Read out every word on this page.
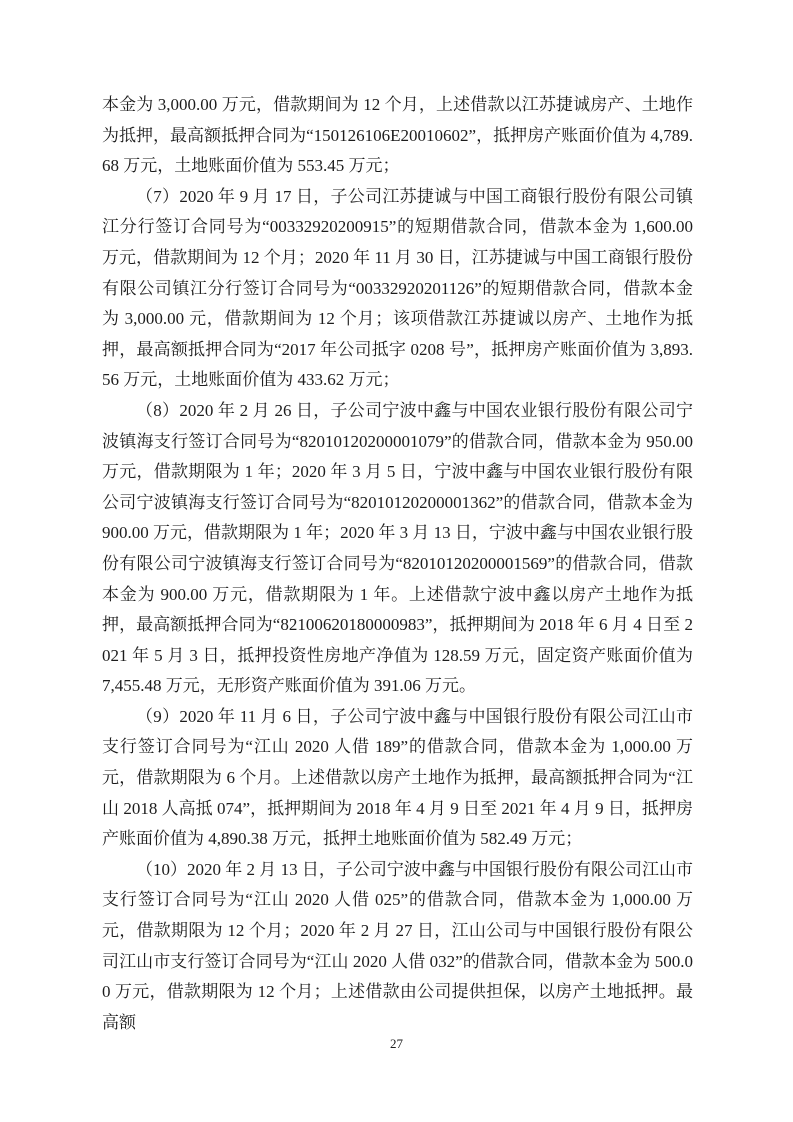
本金为 3,000.00 万元，借款期间为 12 个月，上述借款以江苏捷诚房产、土地作为抵押，最高额抵押合同为“150126106E20010602”，抵押房产账面价值为 4,789.68 万元，土地账面价值为 553.45 万元；

（7）2020 年 9 月 17 日，子公司江苏捷诚与中国工商银行股份有限公司镇江分行签订合同号为“00332920200915”的短期借款合同，借款本金为 1,600.00 万元，借款期间为 12 个月；2020 年 11 月 30 日，江苏捷诚与中国工商银行股份有限公司镇江分行签订合同号为“00332920201126”的短期借款合同，借款本金为 3,000.00 元，借款期间为 12 个月；该项借款江苏捷诚以房产、土地作为抵押，最高额抵押合同为“2017 年公司抵字 0208 号”，抵押房产账面价值为 3,893.56 万元，土地账面价值为 433.62 万元；

（8）2020 年 2 月 26 日，子公司宁波中鑫与中国农业银行股份有限公司宁波镇海支行签订合同号为“82010120200001079”的借款合同，借款本金为 950.00 万元，借款期限为 1 年；2020 年 3 月 5 日，宁波中鑫与中国农业银行股份有限公司宁波镇海支行签订合同号为“82010120200001362”的借款合同，借款本金为 900.00 万元，借款期限为 1 年；2020 年 3 月 13 日，宁波中鑫与中国农业银行股份有限公司宁波镇海支行签订合同号为“82010120200001569”的借款合同，借款本金为 900.00 万元，借款期限为 1 年。上述借款宁波中鑫以房产土地作为抵押，最高额抵押合同为“82100620180000983”，抵押期间为 2018 年 6 月 4 日至 2021 年 5 月 3 日，抵押投资性房地产净值为 128.59 万元，固定资产账面价值为 7,455.48 万元，无形资产账面价值为 391.06 万元。

（9）2020 年 11 月 6 日，子公司宁波中鑫与中国银行股份有限公司江山市支行签订合同号为“江山 2020 人借 189”的借款合同，借款本金为 1,000.00 万元，借款期限为 6 个月。上述借款以房产土地作为抵押，最高额抵押合同为“江山 2018 人高抵 074”，抵押期间为 2018 年 4 月 9 日至 2021 年 4 月 9 日，抵押房产账面价值为 4,890.38 万元，抵押土地账面价值为 582.49 万元；

（10）2020 年 2 月 13 日，子公司宁波中鑫与中国银行股份有限公司江山市支行签订合同号为“江山 2020 人借 025”的借款合同，借款本金为 1,000.00 万元，借款期限为 12 个月；2020 年 2 月 27 日，江山公司与中国银行股份有限公司江山市支行签订合同号为“江山 2020 人借 032”的借款合同，借款本金为 500.00 万元，借款期限为 12 个月；上述借款由公司提供担保，以房产土地抵押。最高额

27
